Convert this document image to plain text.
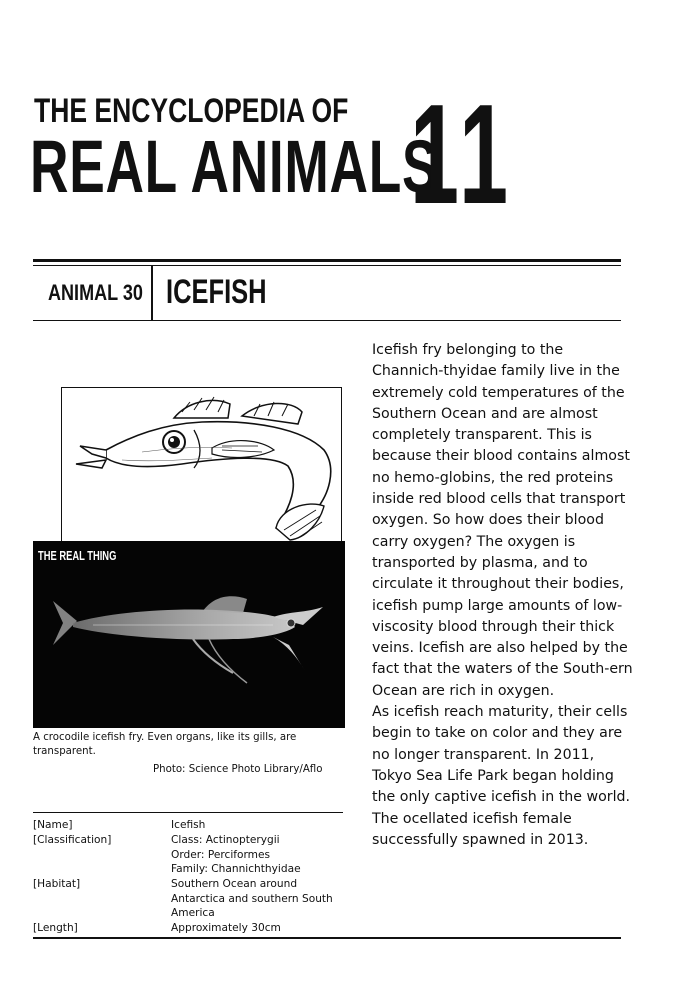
THE ENCYCLOPEDIA OF
REAL ANIMALS
11
ANIMAL 30 ICEFISH
THE REAL THING
A crocodile icefish fry. Even organs, like its gills, are transparent.
Photo: Science Photo Library/Aflo
[Name]	Icefish
[Classification]	Class: Actinopterygii
Order: Perciformes
Family: Channichthyidae
[Habitat]	Southern Ocean around
Antarctica and southern South
America
[Length]	Approximately 30cm

Icefish fry belonging to the Channich-thyidae family live in the extremely cold temperatures of the Southern Ocean and are almost completely transparent. This is because their blood contains almost no hemo-globins, the red proteins inside red blood cells that transport oxygen. So how does their blood carry oxygen? The oxygen is transported by plasma, and to circulate it throughout their bodies, icefish pump large amounts of low-viscosity blood through their thick veins. Icefish are also helped by the fact that the waters of the South-ern Ocean are rich in oxygen.

As icefish reach maturity, their cells begin to take on color and they are no longer transparent. In 2011, Tokyo Sea Life Park began holding the only captive icefish in the world. The ocellated icefish female successfully spawned in 2013.
